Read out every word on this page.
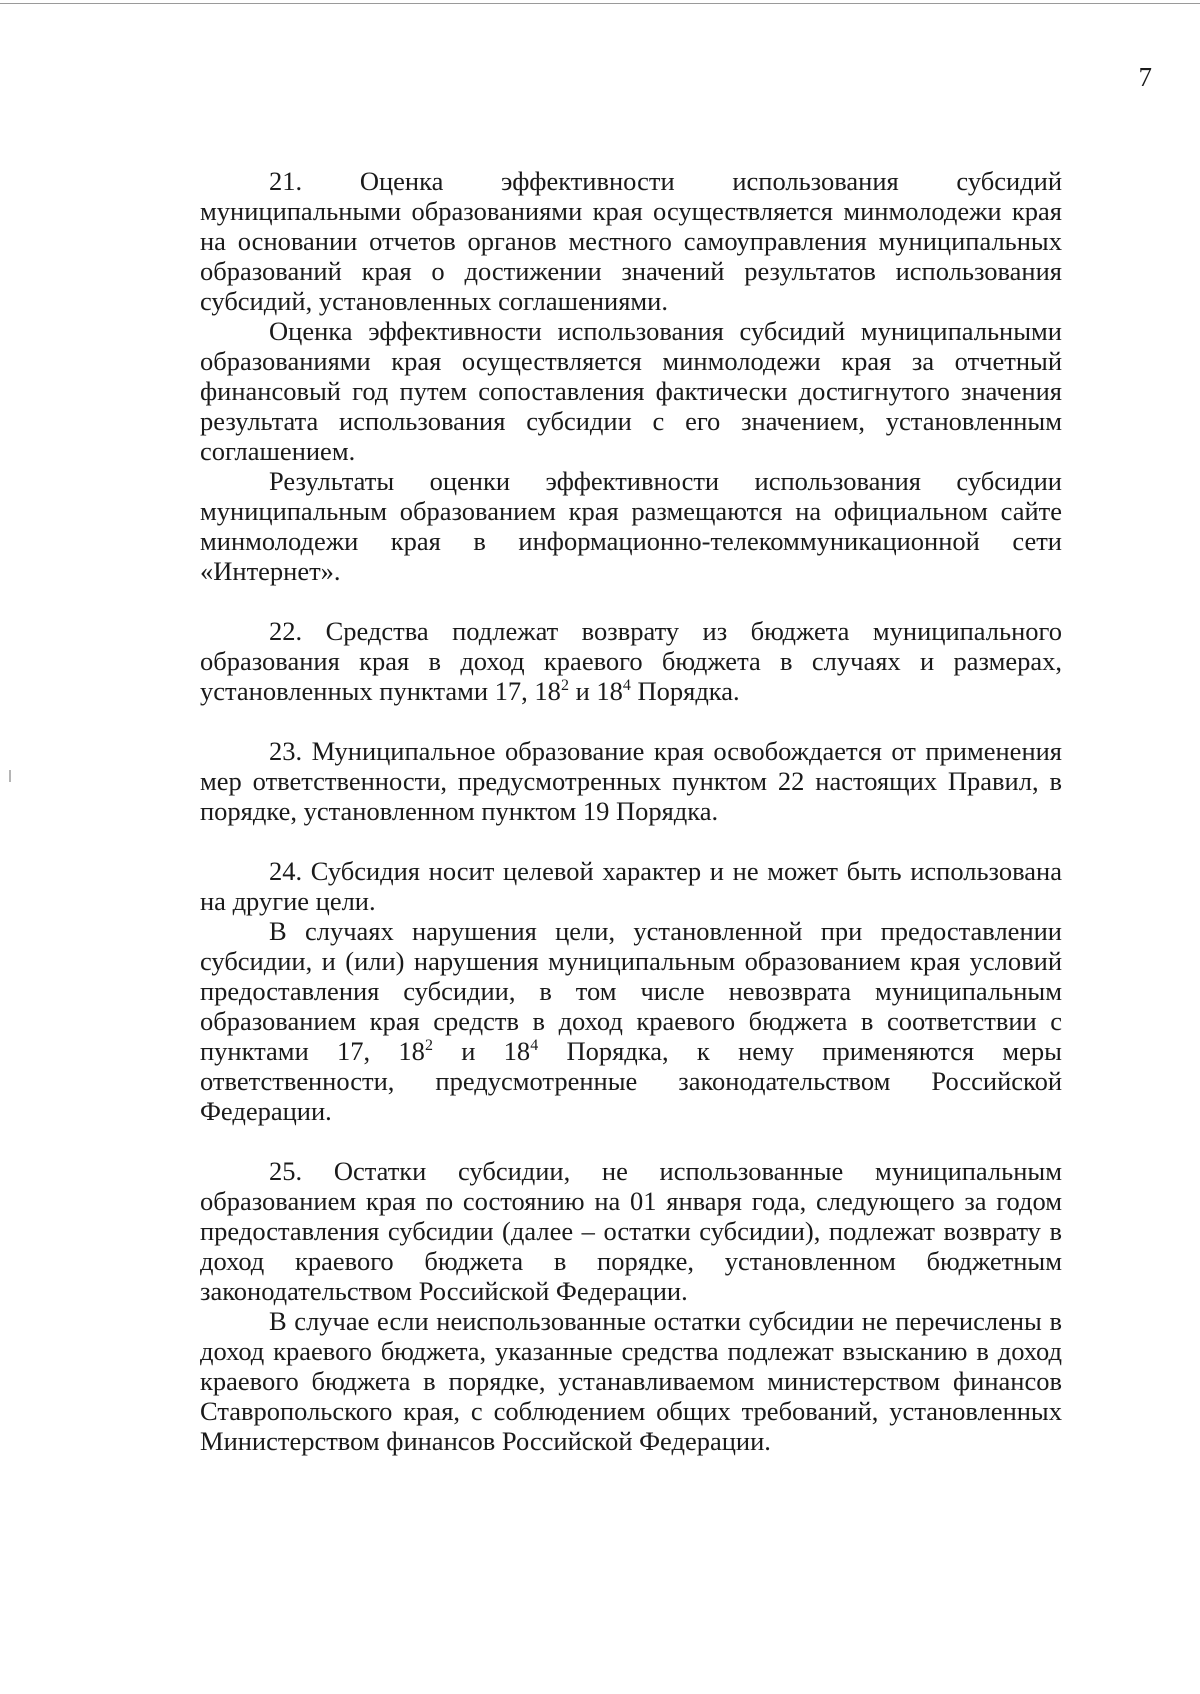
7

21. Оценка эффективности использования субсидий муниципальными образованиями края осуществляется минмолодежи края на основании отчетов органов местного самоуправления муниципальных образований края о достижении значений результатов использования субсидий, установленных соглашениями.

Оценка эффективности использования субсидий муниципальными образованиями края осуществляется минмолодежи края за отчетный финансовый год путем сопоставления фактически достигнутого значения результата использования субсидии с его значением, установленным соглашением.

Результаты оценки эффективности использования субсидии муниципальным образованием края размещаются на официальном сайте минмолодежи края в информационно-телекоммуникационной сети «Интернет».

22. Средства подлежат возврату из бюджета муниципального образования края в доход краевого бюджета в случаях и размерах, установленных пунктами 17, $18^2$ и $18^4$ Порядка.

23. Муниципальное образование края освобождается от применения мер ответственности, предусмотренных пунктом 22 настоящих Правил, в порядке, установленном пунктом 19 Порядка.

24. Субсидия носит целевой характер и не может быть использована на другие цели.

В случаях нарушения цели, установленной при предоставлении субсидии, и (или) нарушения муниципальным образованием края условий предоставления субсидии, в том числе невозврата муниципальным образованием края средств в доход краевого бюджета в соответствии с пунктами 17, $18^2$ и $18^4$ Порядка, к нему применяются меры ответственности, предусмотренные законодательством Российской Федерации.

25. Остатки субсидии, не использованные муниципальным образованием края по состоянию на 01 января года, следующего за годом предоставления субсидии (далее – остатки субсидии), подлежат возврату в доход краевого бюджета в порядке, установленном бюджетным законодательством Российской Федерации.

В случае если неиспользованные остатки субсидии не перечислены в доход краевого бюджета, указанные средства подлежат взысканию в доход краевого бюджета в порядке, устанавливаемом министерством финансов Ставропольского края, с соблюдением общих требований, установленных Министерством финансов Российской Федерации.
